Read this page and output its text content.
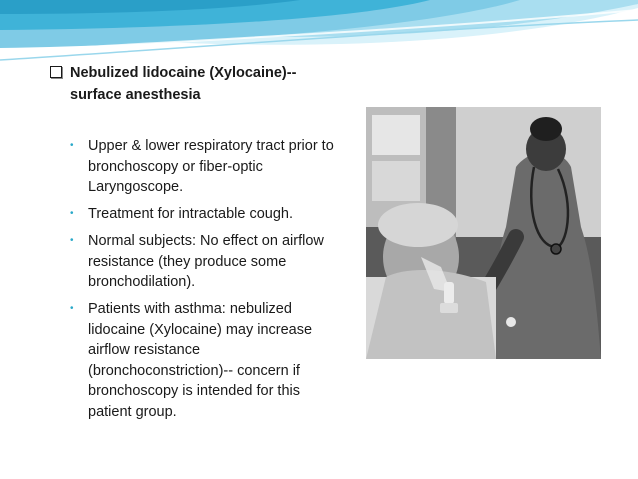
Nebulized lidocaine (Xylocaine)--
surface anesthesia
• Upper & lower respiratory tract prior to bronchoscopy or fiber-optic Laryngoscope.
• Treatment for intractable cough.
• Normal subjects: No effect on airflow resistance (they produce some bronchodilation).
• Patients with asthma: nebulized lidocaine (Xylocaine) may increase airflow resistance (bronchoconstriction)-- concern if bronchoscopy is intended for this patient group.
